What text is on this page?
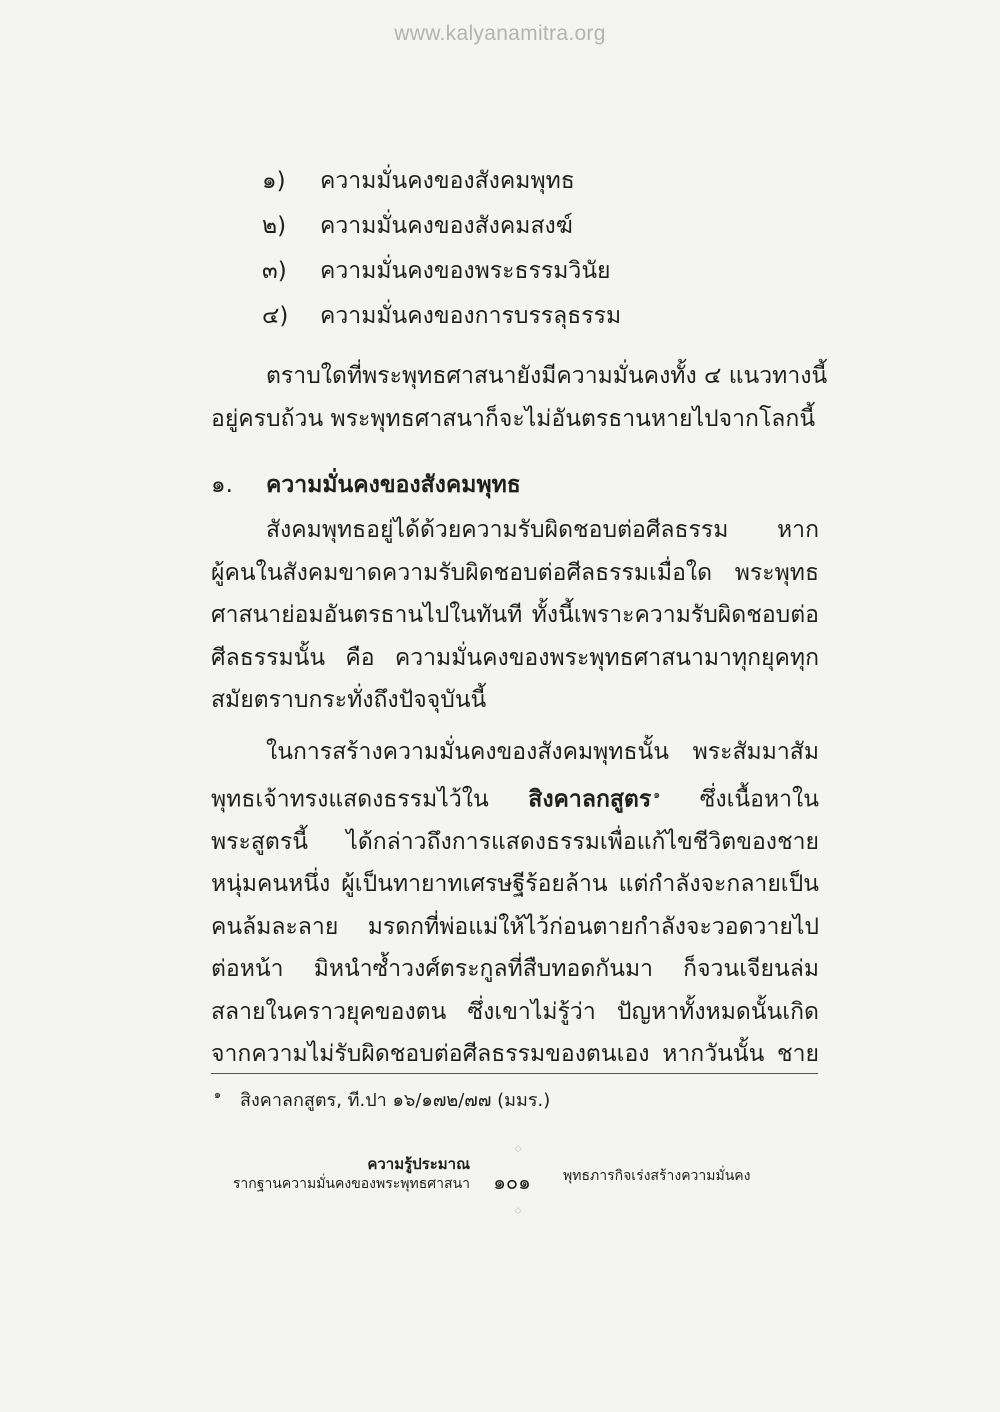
www.kalyanamitra.org
๑)	ความมั่นคงของสังคมพุทธ
๒)	ความมั่นคงของสังคมสงฆ์
๓)	ความมั่นคงของพระธรรมวินัย
๔)	ความมั่นคงของการบรรลุธรรม
ตราบใดที่พระพุทธศาสนายังมีความมั่นคงทั้ง ๔ แนวทางนี้
อยู่ครบถ้วน พระพุทธศาสนาก็จะไม่อันตรธานหายไปจากโลกนี้
๑.	ความมั่นคงของสังคมพุทธ
สังคมพุทธอยู่ได้ด้วยความรับผิดชอบต่อศีลธรรม หาก
ผู้คนในสังคมขาดความรับผิดชอบต่อศีลธรรมเมื่อใด พระพุทธ
ศาสนาย่อมอันตรธานไปในทันที ทั้งนี้เพราะความรับผิดชอบต่อ
ศีลธรรมนั้น คือ ความมั่นคงของพระพุทธศาสนามาทุกยุคทุก
สมัยตราบกระทั่งถึงปัจจุบันนี้
ในการสร้างความมั่นคงของสังคมพุทธนั้น พระสัมมาสัม
พุทธเจ้าทรงแสดงธรรมไว้ใน สิงคาลกสูตร $^๑$ ซึ่งเนื้อหาใน
พระสูตรนี้ ได้กล่าวถึงการแสดงธรรมเพื่อแก้ไขชีวิตของชาย
หนุ่มคนหนึ่ง ผู้เป็นทายาทเศรษฐีร้อยล้าน แต่กำลังจะกลายเป็น
คนล้มละลาย มรดกที่พ่อแม่ให้ไว้ก่อนตายกำลังจะวอดวายไป
ต่อหน้า มิหนำซ้ำวงศ์ตระกูลที่สืบทอดกันมา ก็จวนเจียนล่ม
สลายในคราวยุคของตน ซึ่งเขาไม่รู้ว่า ปัญหาทั้งหมดนั้นเกิด
จากความไม่รับผิดชอบต่อศีลธรรมของตนเอง หากวันนั้น ชาย
๑	สิงคาลกสูตร, ที.ปา ๑๖/๑๗๒/๗๗ (มมร.)
◇
ความรู้ประมาณ
รากฐานความมั่นคงของพระพุทธศาสนา	๑๐๑	พุทธภารกิจเร่งสร้างความมั่นคง
◇
